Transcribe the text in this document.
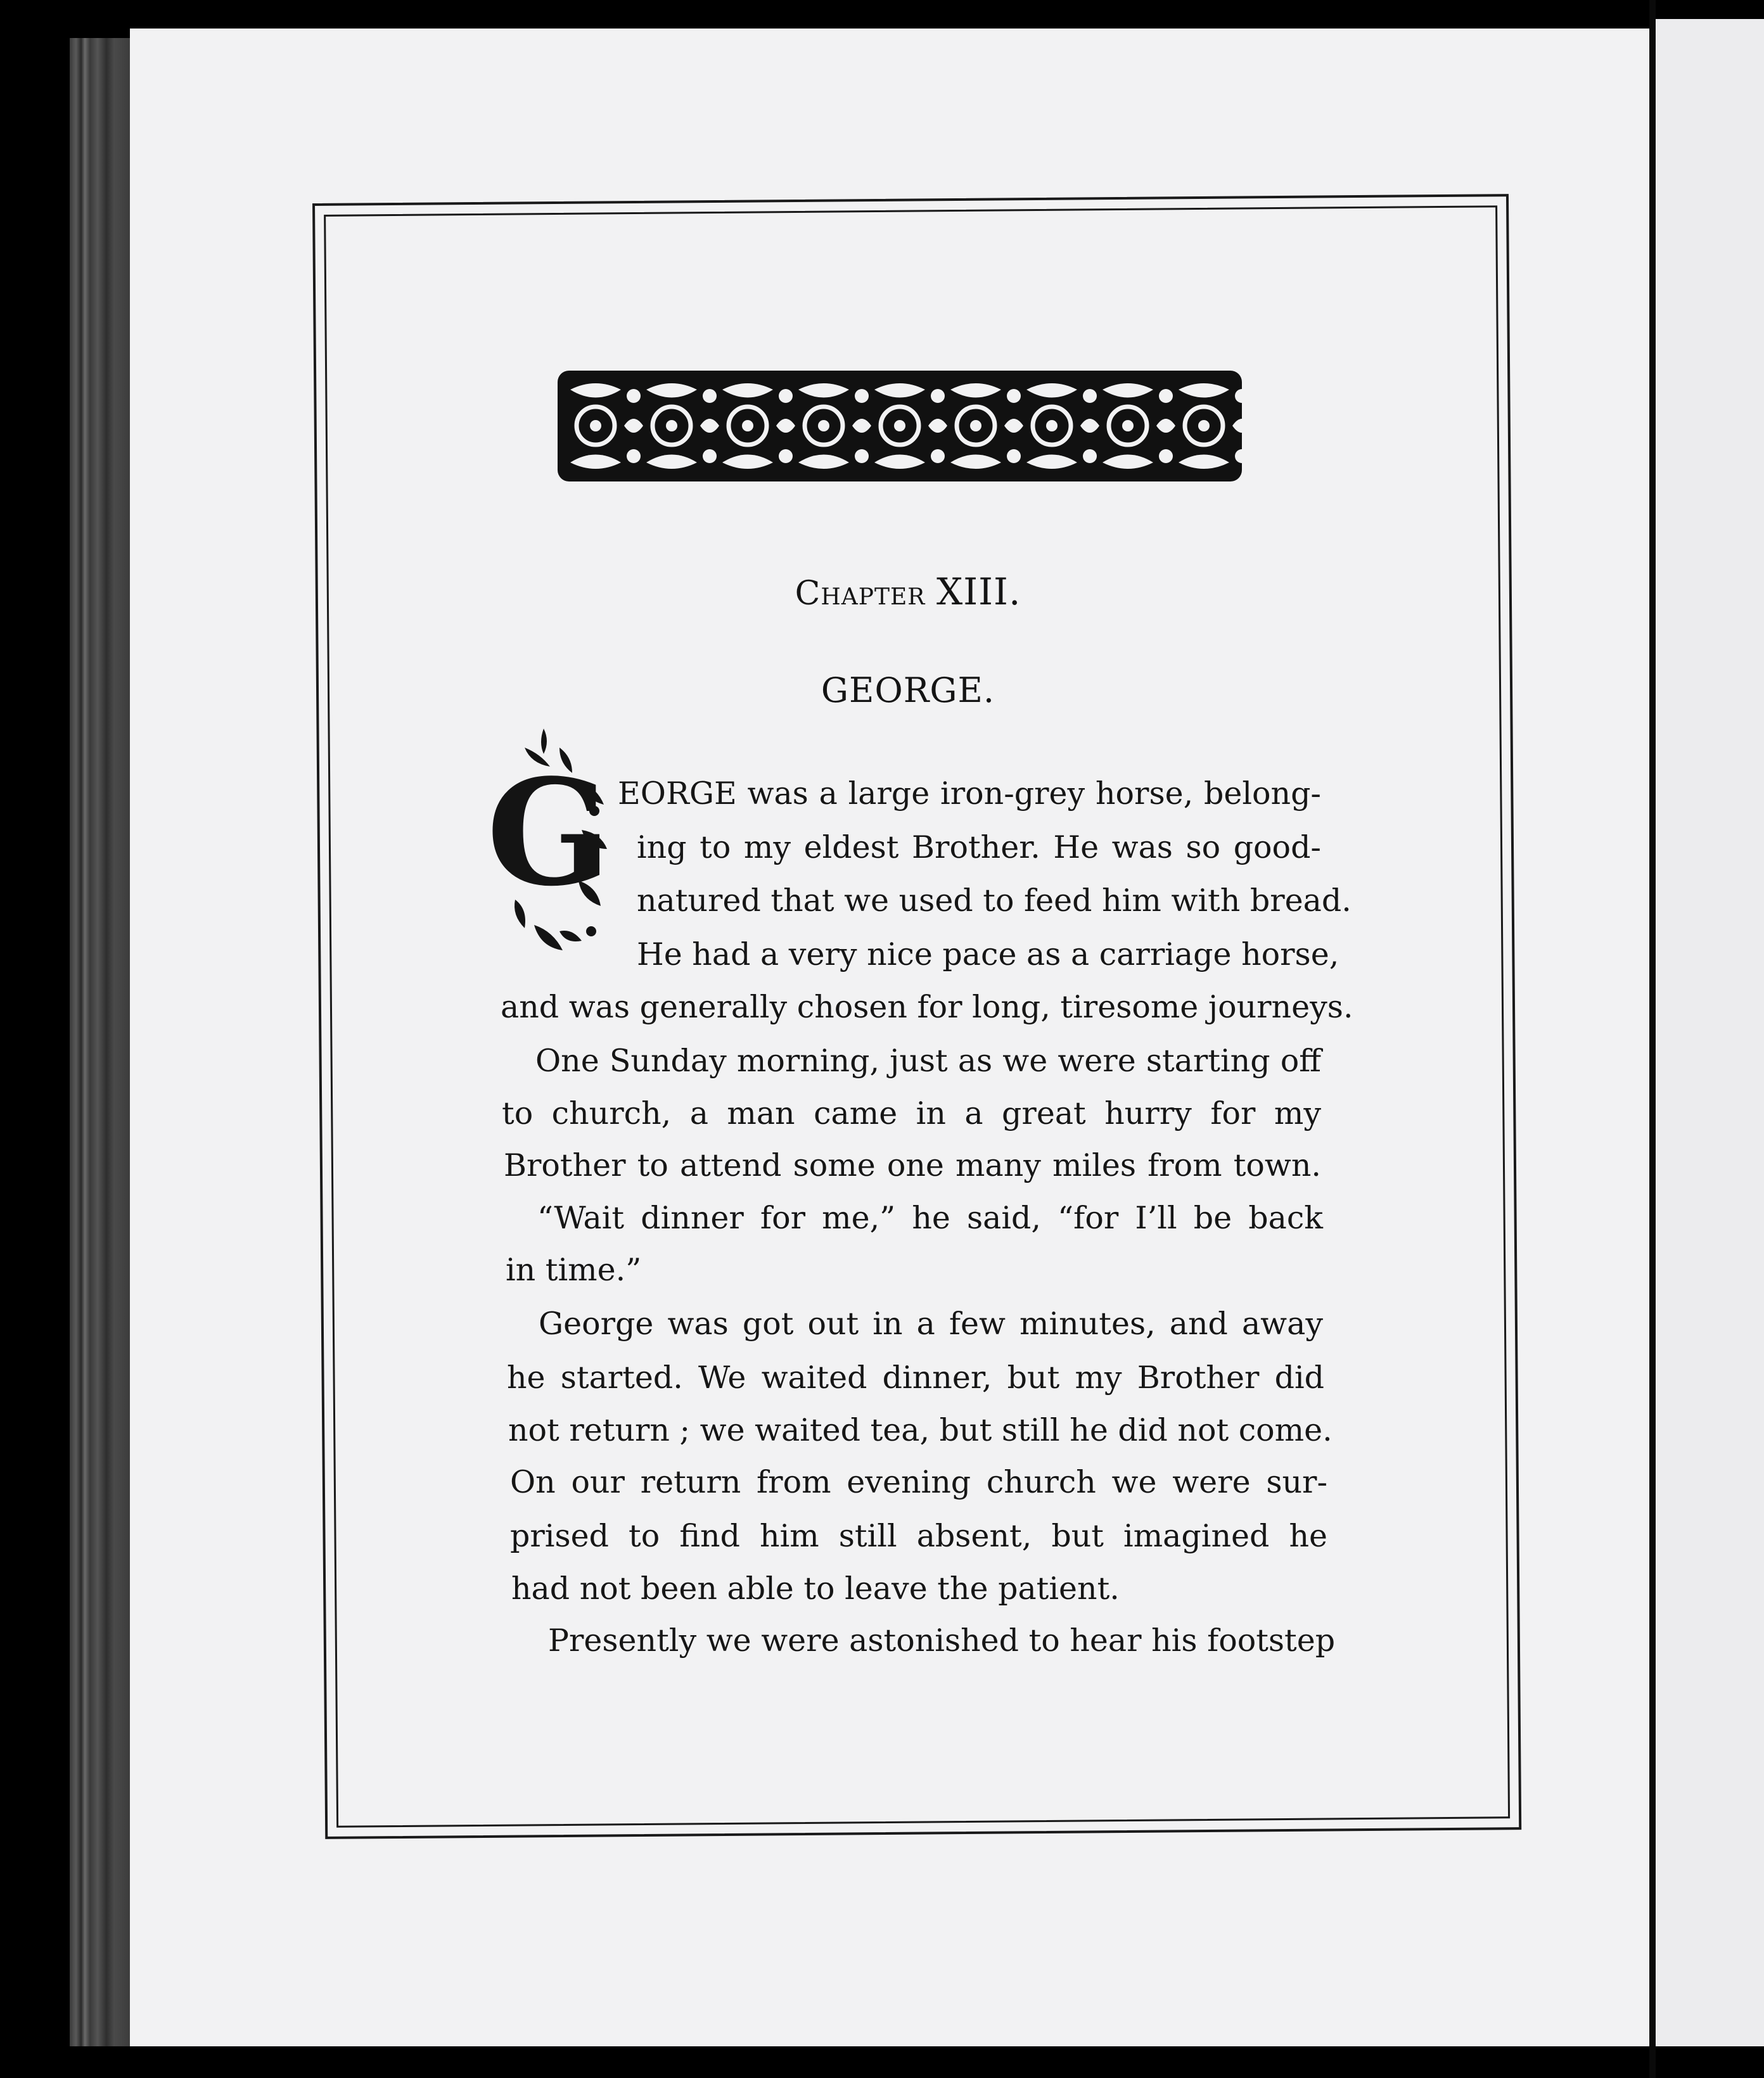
Chapter XIII.
GEORGE.
G EORGE was a large iron-grey horse, belong-
ing to my eldest Brother. He was so good-
natured that we used to feed him with bread.
He had a very nice pace as a carriage horse,
and was generally chosen for long, tiresome journeys.
One Sunday morning, just as we were starting off
to church, a man came in a great hurry for my
Brother to attend some one many miles from town.
“Wait dinner for me,” he said, “for I’ll be back
in time.”
George was got out in a few minutes, and away
he started. We waited dinner, but my Brother did
not return ; we waited tea, but still he did not come.
On our return from evening church we were sur-
prised to find him still absent, but imagined he
had not been able to leave the patient.
Presently we were astonished to hear his footstep
